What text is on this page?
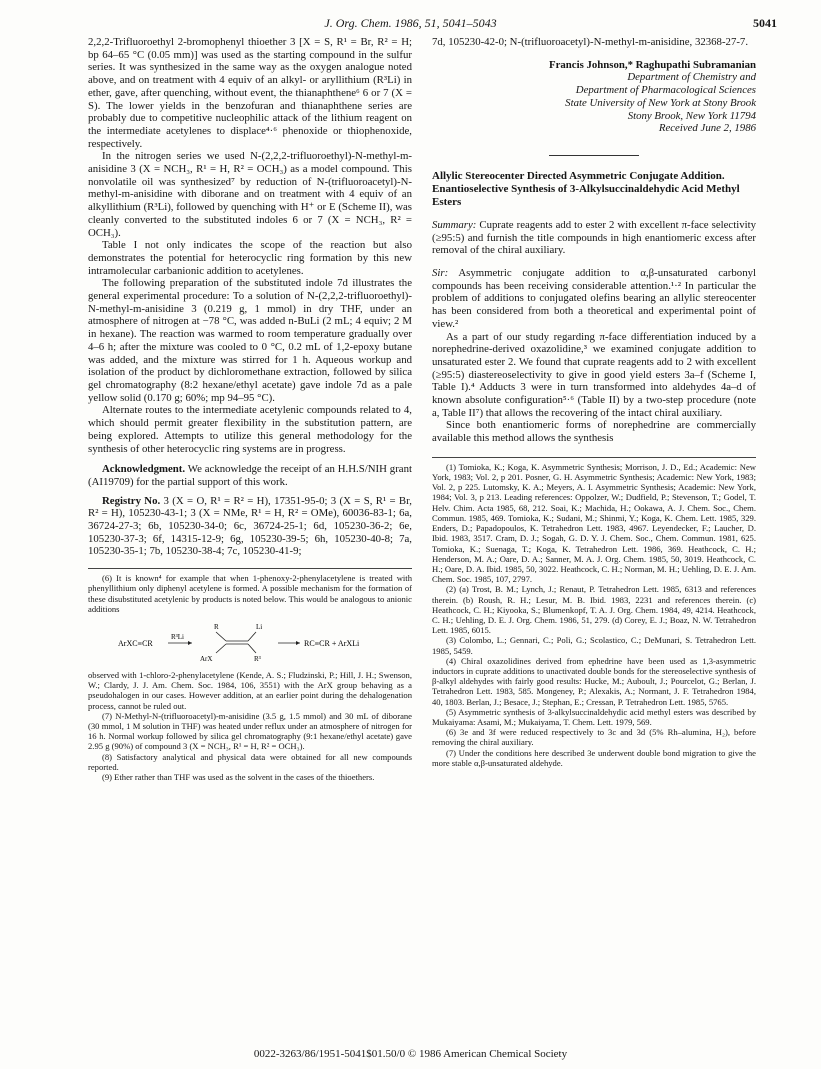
J. Org. Chem. 1986, 51, 5041–5043	5041

2,2,2-Trifluoroethyl 2-bromophenyl thioether 3 [X = S, R¹ = Br, R² = H; bp 64–65 °C (0.05 mm)] was used as the starting compound in the sulfur series. It was synthesized in the same way as the oxygen analogue noted above, and on treatment with 4 equiv of an alkyl- or aryllithium (R³Li) in ether, gave, after quenching, without event, the thianaphthene⁶ 6 or 7 (X = S). The lower yields in the benzofuran and thianaphthene series are probably due to competitive nucleophilic attack of the lithium reagent on the intermediate acetylenes to displace⁴·⁶ phenoxide or thiophenoxide, respectively.

In the nitrogen series we used N-(2,2,2-trifluoroethyl)-N-methyl-m-anisidine 3 (X = NCH₃, R¹ = H, R² = OCH₃) as a model compound. This nonvolatile oil was synthesized⁷ by reduction of N-(trifluoroacetyl)-N-methyl-m-anisidine with diborane and on treatment with 4 equiv of an alkyllithium (R³Li), followed by quenching with H⁺ or E (Scheme II), was cleanly converted to the substituted indoles 6 or 7 (X = NCH₃, R² = OCH₃).

Table I not only indicates the scope of the reaction but also demonstrates the potential for heterocyclic ring formation by this new intramolecular carbanionic addition to acetylenes.

The following preparation of the substituted indole 7d illustrates the general experimental procedure: To a solution of N-(2,2,2-trifluoroethyl)-N-methyl-m-anisidine 3 (0.219 g, 1 mmol) in dry THF, under an atmosphere of nitrogen at −78 °C, was added n-BuLi (2 mL; 4 equiv; 2 M in hexane). The reaction was warmed to room temperature gradually over 4–6 h; after the mixture was cooled to 0 °C, 0.2 mL of 1,2-epoxy butane was added, and the mixture was stirred for 1 h. Aqueous workup and isolation of the product by dichloromethane extraction, followed by silica gel chromatography (8:2 hexane/ethyl acetate) gave indole 7d as a pale yellow solid (0.170 g; 60%; mp 94–95 °C).

Alternate routes to the intermediate acetylenic compounds related to 4, which should permit greater flexibility in the substitution pattern, are being explored. Attempts to utilize this general methodology for the synthesis of other heterocyclic ring systems are in progress.

Acknowledgment. We acknowledge the receipt of an H.H.S/NIH grant (AI19709) for the partial support of this work.

Registry No. 3 (X = O, R¹ = R² = H), 17351-95-0; 3 (X = S, R¹ = Br, R² = H), 105230-43-1; 3 (X = NMe, R¹ = H, R² = OMe), 60036-83-1; 6a, 36724-27-3; 6b, 105230-34-0; 6c, 36724-25-1; 6d, 105230-36-2; 6e, 105230-37-3; 6f, 14315-12-9; 6g, 105230-39-5; 6h, 105230-40-8; 7a, 105230-35-1; 7b, 105230-38-4; 7c, 105230-41-9;

(6) It is known⁴ for example that when 1-phenoxy-2-phenylacetylene is treated with phenyllithium only diphenyl acetylene is formed. A possible mechanism for the formation of these disubstituted acetylenic by products is noted below. This would be analogous to anionic additions

ArXC≡CR
R³Li
R	Li
ArX	R³
RC≡CR + ArXLi

observed with 1-chloro-2-phenylacetylene (Kende, A. S.; Fludzinski, P.; Hill, J. H.; Swenson, W.; Clardy, J. J. Am. Chem. Soc. 1984, 106, 3551) with the ArX group behaving as a pseudohalogen in our cases. However addition, at an earlier point during the dehalogenation process, cannot be ruled out.

(7) N-Methyl-N-(trifluoroacetyl)-m-anisidine (3.5 g, 1.5 mmol) and 30 mL of diborane (30 mmol, 1 M solution in THF) was heated under reflux under an atmosphere of nitrogen for 16 h. Normal workup followed by silica gel chromatography (9:1 hexane/ethyl acetate) gave 2.95 g (90%) of compound 3 (X = NCH₃, R¹ = H, R² = OCH₃).

(8) Satisfactory analytical and physical data were obtained for all new compounds reported.

(9) Ether rather than THF was used as the solvent in the cases of the thioethers.

7d, 105230-42-0; N-(trifluoroacetyl)-N-methyl-m-anisidine, 32368-27-7.

Francis Johnson,* Raghupathi Subramanian

Department of Chemistry and

Department of Pharmacological Sciences

State University of New York at Stony Brook

Stony Brook, New York 11794

Received June 2, 1986

Allylic Stereocenter Directed Asymmetric Conjugate Addition. Enantioselective Synthesis of 3-Alkylsuccinaldehydic Acid Methyl Esters

Summary: Cuprate reagents add to ester 2 with excellent π-face selectivity (≥95:5) and furnish the title compounds in high enantiomeric excess after removal of the chiral auxiliary.

Sir: Asymmetric conjugate addition to α,β-unsaturated carbonyl compounds has been receiving considerable attention.¹·² In particular the problem of additions to conjugated olefins bearing an allylic stereocenter has been considered from both a theoretical and experimental point of view.²

As a part of our study regarding π-face differentiation induced by a norephedrine-derived oxazolidine,³ we examined conjugate addition to unsaturated ester 2. We found that cuprate reagents add to 2 with excellent (≥95:5) diastereoselectivity to give in good yield esters 3a–f (Scheme I, Table I).⁴ Adducts 3 were in turn transformed into aldehydes 4a–d of known absolute configuration⁵·⁶ (Table II) by a two-step procedure (note a, Table II⁷) that allows the recovering of the intact chiral auxiliary.

Since both enantiomeric forms of norephedrine are commercially available this method allows the synthesis

(1) Tomioka, K.; Koga, K. Asymmetric Synthesis; Morrison, J. D., Ed.; Academic: New York, 1983; Vol. 2, p 201. Posner, G. H. Asymmetric Synthesis; Academic: New York, 1983; Vol. 2, p 225. Lutomsky, K. A.; Meyers, A. I. Asymmetric Synthesis; Academic: New York, 1984; Vol. 3, p 213. Leading references: Oppolzer, W.; Dudfield, P.; Stevenson, T.; Godel, T. Helv. Chim. Acta 1985, 68, 212. Soai, K.; Machida, H.; Ookawa, A. J. Chem. Soc., Chem. Commun. 1985, 469. Tomioka, K.; Sudani, M.; Shinmi, Y.; Koga, K. Chem. Lett. 1985, 329. Enders, D.; Papadopoulos, K. Tetrahedron Lett. 1983, 4967. Leyendecker, F.; Laucher, D. Ibid. 1983, 3517. Cram, D. J.; Sogah, G. D. Y. J. Chem. Soc., Chem. Commun. 1981, 625. Tomioka, K.; Suenaga, T.; Koga, K. Tetrahedron Lett. 1986, 369. Heathcock, C. H.; Henderson, M. A.; Oare, D. A.; Sanner, M. A. J. Org. Chem. 1985, 50, 3019. Heathcock, C. H.; Oare, D. A. Ibid. 1985, 50, 3022. Heathcock, C. H.; Norman, M. H.; Uehling, D. E. J. Am. Chem. Soc. 1985, 107, 2797.

(2) (a) Trost, B. M.; Lynch, J.; Renaut, P. Tetrahedron Lett. 1985, 6313 and references therein. (b) Roush, R. H.; Lesur, M. B. Ibid. 1983, 2231 and references therein. (c) Heathcock, C. H.; Kiyooka, S.; Blumenkopf, T. A. J. Org. Chem. 1984, 49, 4214. Heathcock, C. H.; Uehling, D. E. J. Org. Chem. 1986, 51, 279. (d) Corey, E. J.; Boaz, N. W. Tetrahedron Lett. 1985, 6015.

(3) Colombo, L.; Gennari, C.; Poli, G.; Scolastico, C.; DeMunari, S. Tetrahedron Lett. 1985, 5459.

(4) Chiral oxazolidines derived from ephedrine have been used as 1,3-asymmetric inductors in cuprate additions to unactivated double bonds for the stereoselective synthesis of β-alkyl aldehydes with fairly good results: Hucke, M.; Auboult, J.; Pourcelot, G.; Berlan, J. Tetrahedron Lett. 1983, 585. Mongeney, P.; Alexakis, A.; Normant, J. F. Tetrahedron 1984, 40, 1803. Berlan, J.; Besace, J.; Stephan, E.; Cressan, P. Tetrahedron Lett. 1985, 5765.

(5) Asymmetric synthesis of 3-alkylsuccinaldehydic acid methyl esters was described by Mukaiyama: Asami, M.; Mukaiyama, T. Chem. Lett. 1979, 569.

(6) 3e and 3f were reduced respectively to 3c and 3d (5% Rh–alumina, H₂), before removing the chiral auxiliary.

(7) Under the conditions here described 3e underwent double bond migration to give the more stable α,β-unsaturated aldehyde.

0022-3263/86/1951-5041$01.50/0 © 1986 American Chemical Society
